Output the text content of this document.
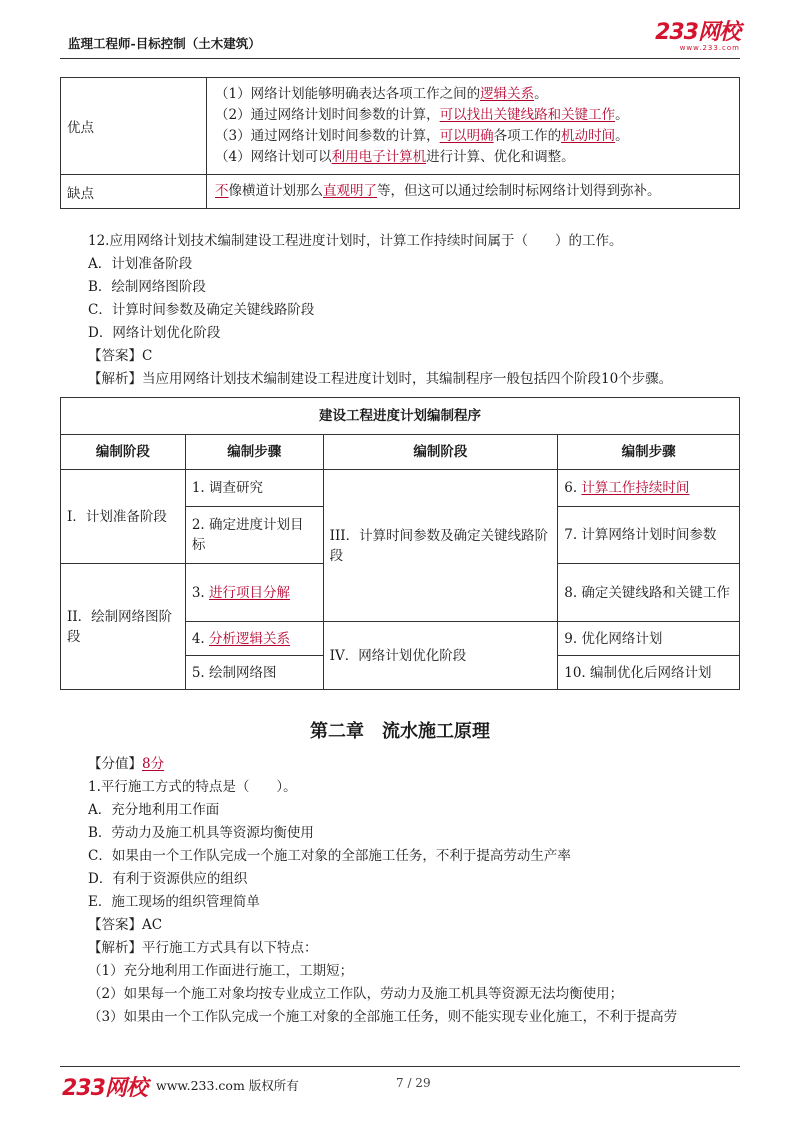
监理工程师-目标控制（土木建筑）	233网校
www.233.com
优点	（1）网络计划能够明确表达各项工作之间的逻辑关系。
（2）通过网络计划时间参数的计算，可以找出关键线路和关键工作。
（3）通过网络计划时间参数的计算，可以明确各项工作的机动时间。
（4）网络计划可以利用电子计算机进行计算、优化和调整。

缺点	不像横道计划那么直观明了等，但这可以通过绘制时标网络计划得到弥补。
12.应用网络计划技术编制建设工程进度计划时，计算工作持续时间属于（　　）的工作。
A．计划准备阶段
B．绘制网络图阶段
C．计算时间参数及确定关键线路阶段
D．网络计划优化阶段
【答案】C
【解析】当应用网络计划技术编制建设工程进度计划时，其编制程序一般包括四个阶段10个步骤。
建设工程进度计划编制程序			
编制阶段	编制步骤	编制阶段	编制步骤
I．计划准备阶段	1. 调查研究	III．计算时间参数及确定关键线路阶段	6. 计算工作持续时间
	2. 确定进度计划目标		7. 计算网络计划时间参数
II．绘制网络图阶段	3. 进行项目分解		8. 确定关键线路和关键工作
	4. 分析逻辑关系	IV．网络计划优化阶段	9. 优化网络计划
	5. 绘制网络图		10. 编制优化后网络计划
第二章　流水施工原理
【分值】8分
1.平行施工方式的特点是（　　）。
A．充分地利用工作面
B．劳动力及施工机具等资源均衡使用
C．如果由一个工作队完成一个施工对象的全部施工任务，不利于提高劳动生产率
D．有利于资源供应的组织
E．施工现场的组织管理简单
【答案】AC
【解析】平行施工方式具有以下特点：
（1）充分地利用工作面进行施工，工期短；
（2）如果每一个施工对象均按专业成立工作队，劳动力及施工机具等资源无法均衡使用；
（3）如果由一个工作队完成一个施工对象的全部施工任务，则不能实现专业化施工，不利于提高劳
233网校 www.233.com 版权所有	7 / 29
